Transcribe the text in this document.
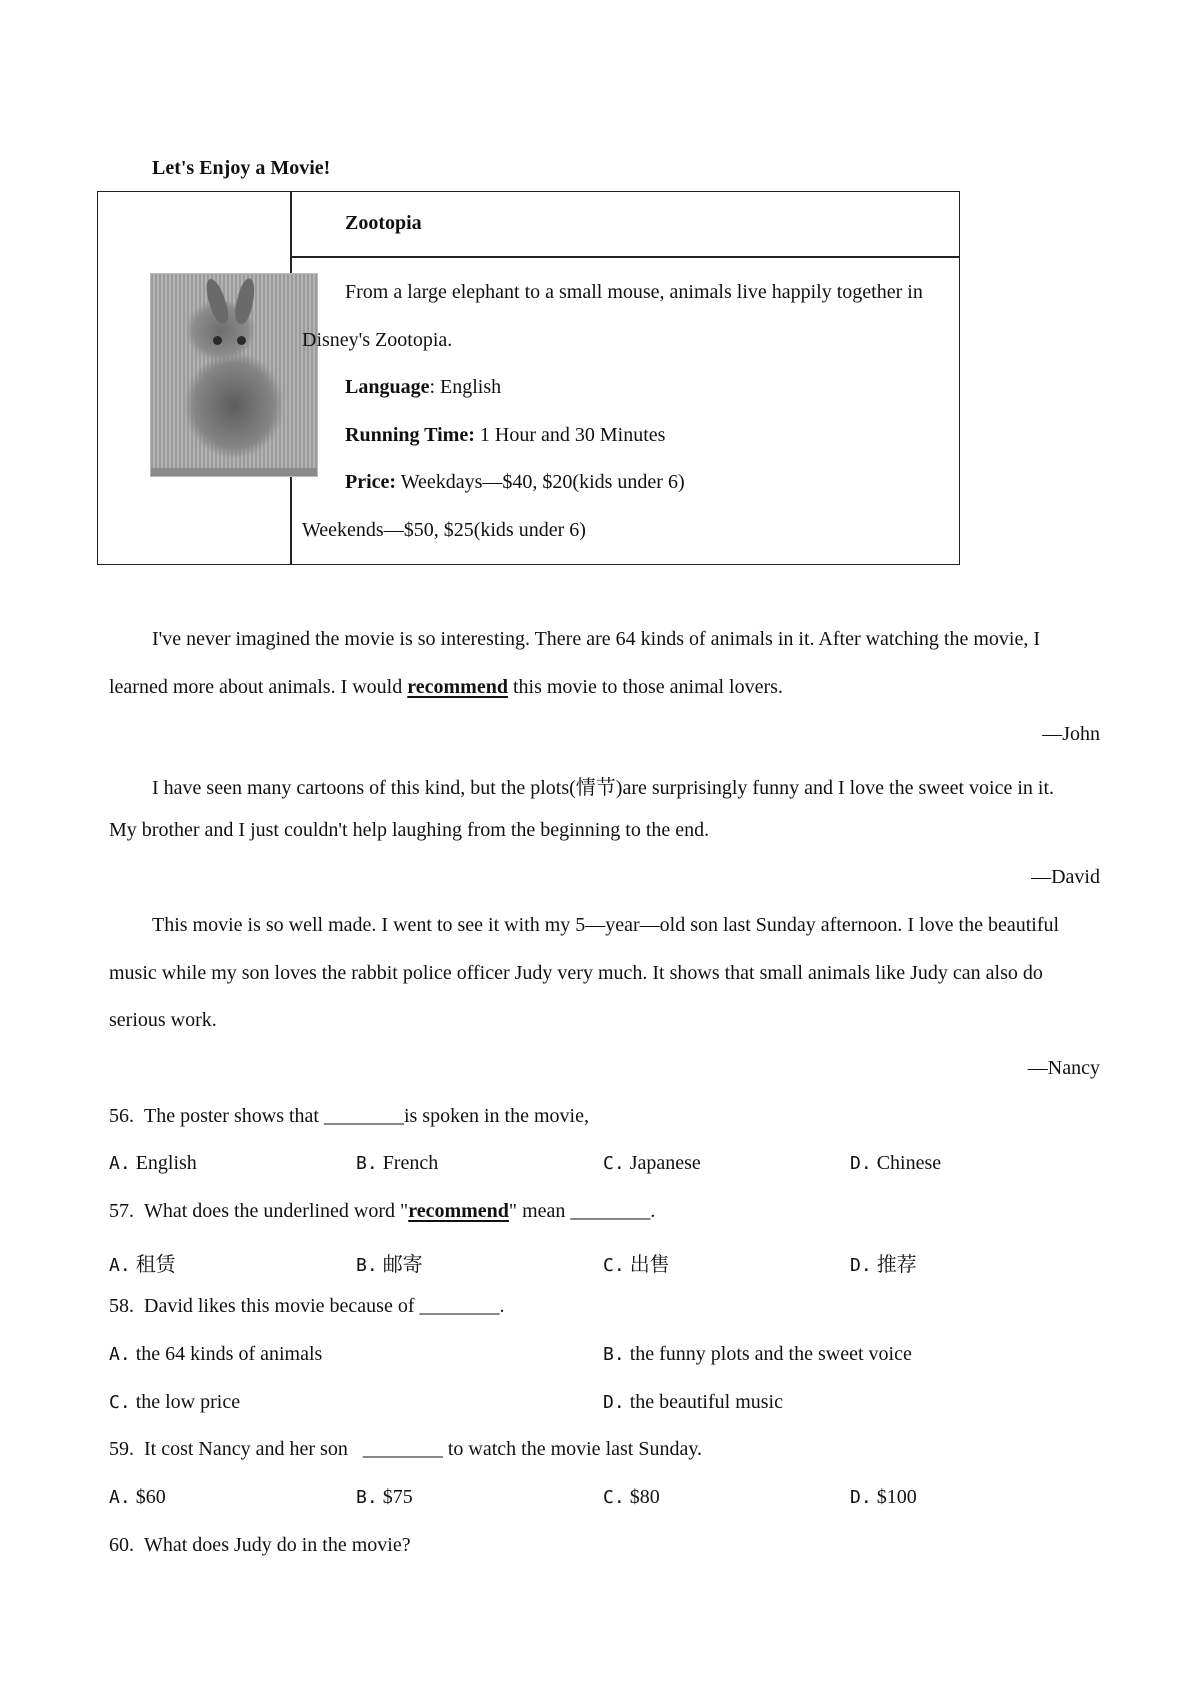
Let's Enjoy a Movie!
Zootopia
From a large elephant to a small mouse, animals live happily together in
Disney's Zootopia.
Language: English
Running Time: 1 Hour and 30 Minutes
Price: Weekdays—$40, $20(kids under 6)
Weekends—$50, $25(kids under 6)
I've never imagined the movie is so interesting. There are 64 kinds of animals in it. After watching the movie, I
learned more about animals. I would recommend this movie to those animal lovers.
—John
I have seen many cartoons of this kind, but the plots(情节)are surprisingly funny and I love the sweet voice in it.
My brother and I just couldn't help laughing from the beginning to the end.
—David
This movie is so well made. I went to see it with my 5—year—old son last Sunday afternoon. I love the beautiful
music while my son loves the rabbit police officer Judy very much. It shows that small animals like Judy can also do
serious work.
—Nancy
56. The poster shows that ________is spoken in the movie,
A. English	B. French	C. Japanese	D. Chinese
57. What does the underlined word "recommend" mean ________.
A. 租赁	B. 邮寄	C. 出售	D. 推荐
58. David likes this movie because of ________.
A. the 64 kinds of animals	B. the funny plots and the sweet voice
C. the low price	D. the beautiful music
59. It cost Nancy and her son   ________ to watch the movie last Sunday.
A. $60	B. $75	C. $80	D. $100
60. What does Judy do in the movie?
